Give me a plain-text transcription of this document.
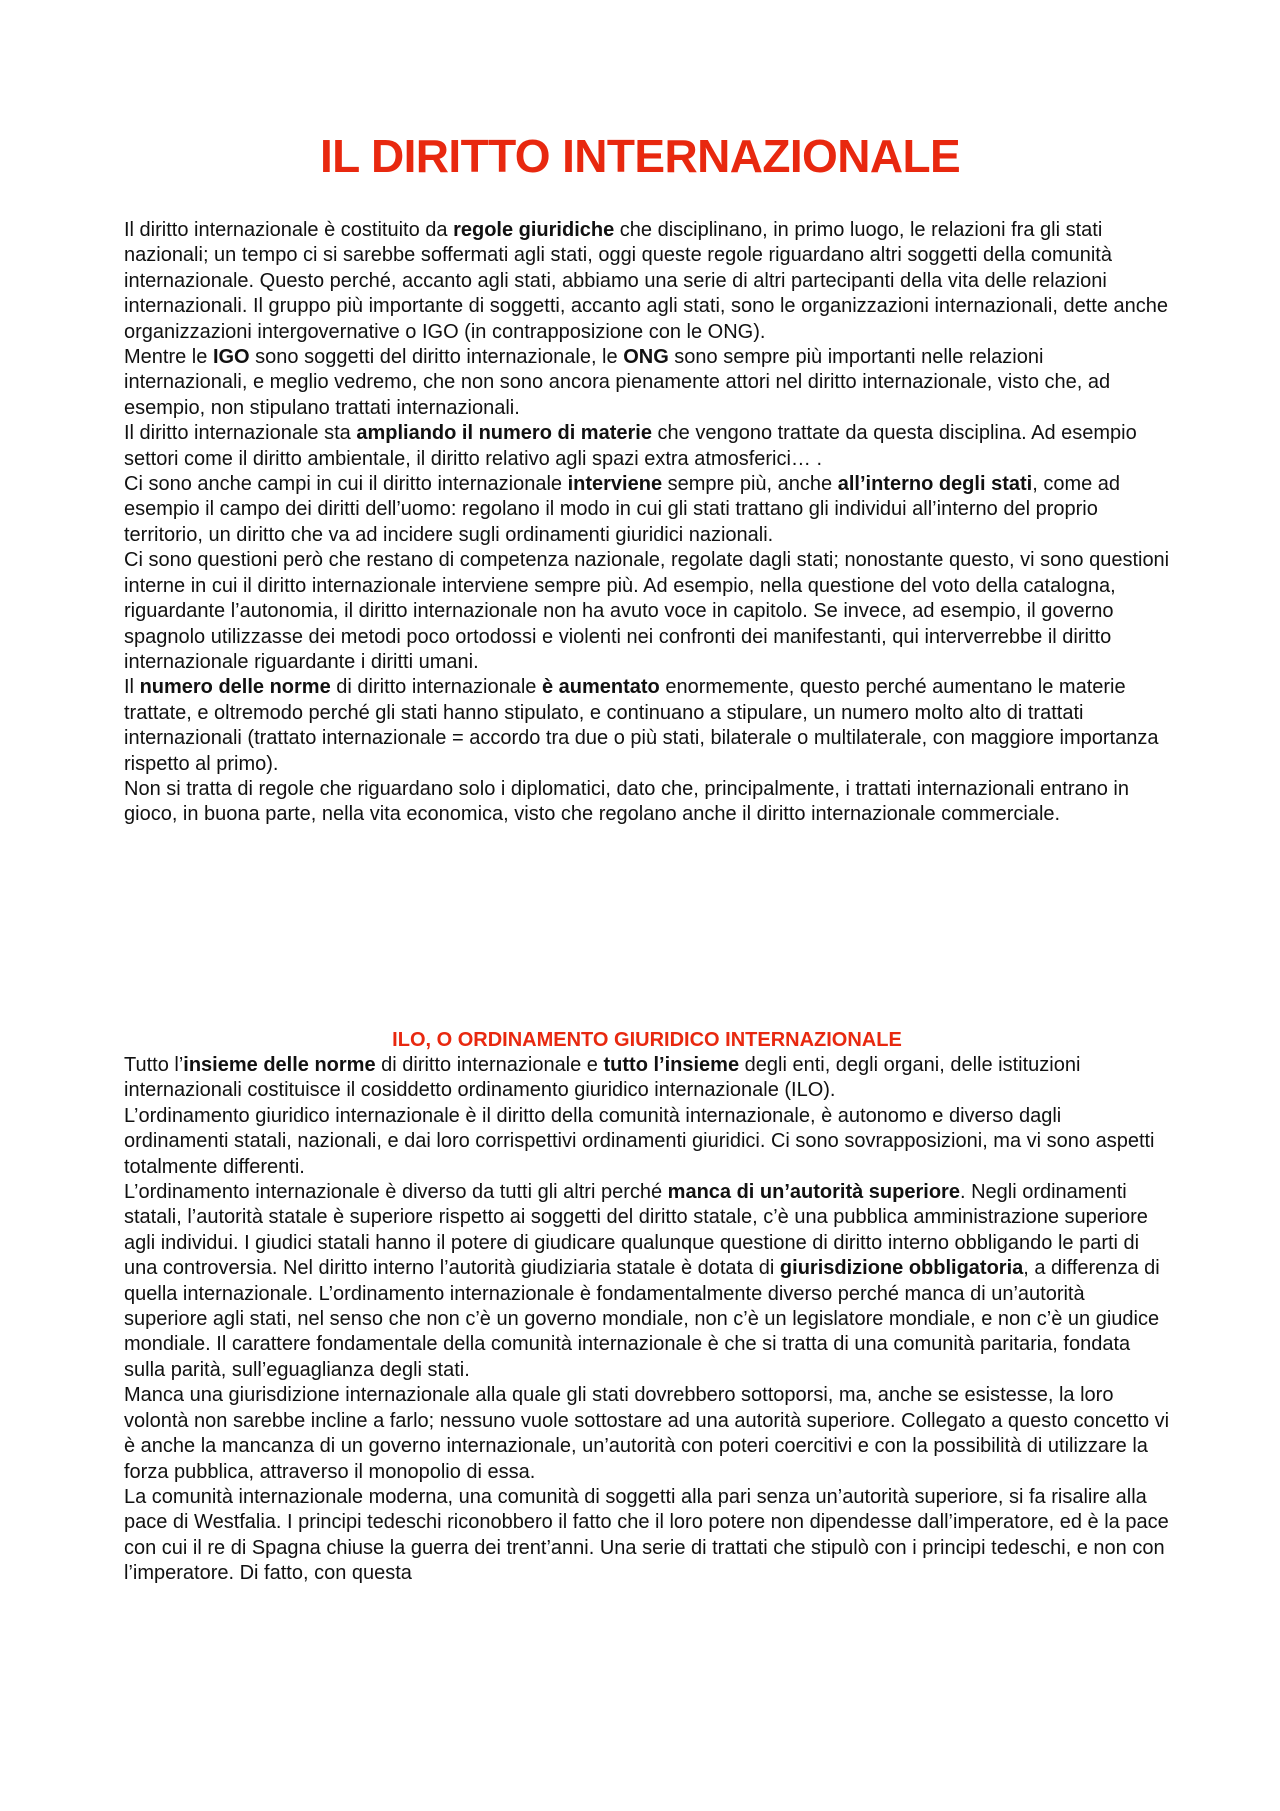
IL DIRITTO INTERNAZIONALE

Il diritto internazionale è costituito da regole giuridiche che disciplinano, in primo luogo, le relazioni fra gli stati nazionali; un tempo ci si sarebbe soffermati agli stati, oggi queste regole riguardano altri soggetti della comunità internazionale. Questo perché, accanto agli stati, abbiamo una serie di altri partecipanti della vita delle relazioni internazionali. Il gruppo più importante di soggetti, accanto agli stati, sono le organizzazioni internazionali, dette anche organizzazioni intergovernative o IGO (in contrapposizione con le ONG).

Mentre le IGO sono soggetti del diritto internazionale, le ONG sono sempre più importanti nelle relazioni internazionali, e meglio vedremo, che non sono ancora pienamente attori nel diritto internazionale, visto che, ad esempio, non stipulano trattati internazionali.

Il diritto internazionale sta ampliando il numero di materie che vengono trattate da questa disciplina. Ad esempio settori come il diritto ambientale, il diritto relativo agli spazi extra atmosferici… .

Ci sono anche campi in cui il diritto internazionale interviene sempre più, anche all’interno degli stati, come ad esempio il campo dei diritti dell’uomo: regolano il modo in cui gli stati trattano gli individui all’interno del proprio territorio, un diritto che va ad incidere sugli ordinamenti giuridici nazionali.

Ci sono questioni però che restano di competenza nazionale, regolate dagli stati; nonostante questo, vi sono questioni interne in cui il diritto internazionale interviene sempre più. Ad esempio, nella questione del voto della catalogna, riguardante l’autonomia, il diritto internazionale non ha avuto voce in capitolo. Se invece, ad esempio, il governo spagnolo utilizzasse dei metodi poco ortodossi e violenti nei confronti dei manifestanti, qui interverrebbe il diritto internazionale riguardante i diritti umani.

Il numero delle norme di diritto internazionale è aumentato enormemente, questo perché aumentano le materie trattate, e oltremodo perché gli stati hanno stipulato, e continuano a stipulare, un numero molto alto di trattati internazionali (trattato internazionale = accordo tra due o più stati, bilaterale o multilaterale, con maggiore importanza rispetto al primo).

Non si tratta di regole che riguardano solo i diplomatici, dato che, principalmente, i trattati internazionali entrano in gioco, in buona parte, nella vita economica, visto che regolano anche il diritto internazionale commerciale.

ILO, O ORDINAMENTO GIURIDICO INTERNAZIONALE

Tutto l’insieme delle norme di diritto internazionale e tutto l’insieme degli enti, degli organi, delle istituzioni internazionali costituisce il cosiddetto ordinamento giuridico internazionale (ILO).

L’ordinamento giuridico internazionale è il diritto della comunità internazionale, è autonomo e diverso dagli ordinamenti statali, nazionali, e dai loro corrispettivi ordinamenti giuridici. Ci sono sovrapposizioni, ma vi sono aspetti totalmente differenti.

L’ordinamento internazionale è diverso da tutti gli altri perché manca di un’autorità superiore. Negli ordinamenti statali, l’autorità statale è superiore rispetto ai soggetti del diritto statale, c’è una pubblica amministrazione superiore agli individui. I giudici statali hanno il potere di giudicare qualunque questione di diritto interno obbligando le parti di una controversia. Nel diritto interno l’autorità giudiziaria statale è dotata di giurisdizione obbligatoria, a differenza di quella internazionale. L’ordinamento internazionale è fondamentalmente diverso perché manca di un’autorità superiore agli stati, nel senso che non c’è un governo mondiale, non c’è un legislatore mondiale, e non c’è un giudice mondiale. Il carattere fondamentale della comunità internazionale è che si tratta di una comunità paritaria, fondata sulla parità, sull’eguaglianza degli stati.

Manca una giurisdizione internazionale alla quale gli stati dovrebbero sottoporsi, ma, anche se esistesse, la loro volontà non sarebbe incline a farlo; nessuno vuole sottostare ad una autorità superiore. Collegato a questo concetto vi è anche la mancanza di un governo internazionale, un’autorità con poteri coercitivi e con la possibilità di utilizzare la forza pubblica, attraverso il monopolio di essa.

La comunità internazionale moderna, una comunità di soggetti alla pari senza un’autorità superiore, si fa risalire alla pace di Westfalia. I principi tedeschi riconobbero il fatto che il loro potere non dipendesse dall’imperatore, ed è la pace con cui il re di Spagna chiuse la guerra dei trent’anni. Una serie di trattati che stipulò con i principi tedeschi, e non con l’imperatore. Di fatto, con questa
